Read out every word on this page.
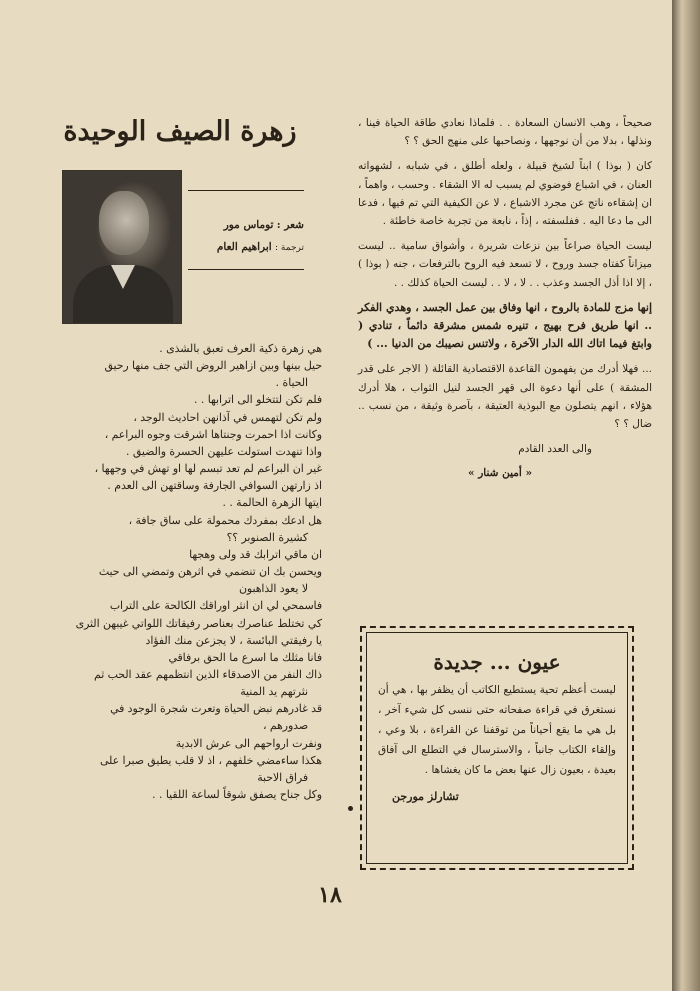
صحيحاً ، وهب الانسان السعادة . . فلماذا نعادي طاقة الحياة فينا ، ونذلها ، بدلا من أن نوجهها ، ونصاحبها على منهج الحق ؟ ؟

كان ( بوذا ) ابناً لشيخ قبيلة ، ولعله أطلق ، في شبابه ، لشهواته العنان ، في اشباع فوضوي لم يسبب له الا الشقاء . وحسب ، واهماً ، ان إشقاءه ناتج عن مجرد الاشباع ، لا عن الكيفية التي تم فيها ، فدعا الى ما دعا اليه . ففلسفته ، إذاً ، نابعة من تجربة خاصة خاطئة .

ليست الحياة صراعاً بين نزعات شريرة ، وأشواق سامية .. ليست ميزاناً كفتاه جسد وروح ، لا تسعد فيه الروح بالترفعات ، جنه ( بوذا ) ، إلا اذا أذل الجسد وعذب . . لا ، لا . . ليست الحياة كذلك . .

إنها مزج للمادة بالروح ، انها وفاق بين عمل الجسد ، وهدي الفكر .. انها طريق فرح بهيج ، تنيره شمس مشرقة دائماً ، تنادي ( وابتغ فيما اتاك الله الدار الآخرة ، ولاتنس نصيبك من الدنيا ... )

... فهلا أدرك من يفهمون القاعدة الاقتصادية القائلة ( الاجر على قدر المشقة ) على أنها دعوة الى قهر الجسد لنيل الثواب ، هلا أدرك هؤلاء ، انهم يتصلون مع البوذية العتيقة ، بآصرة وثيقة ، من نسب .. ضال ؟ ؟

والى العدد القادم

« أمين شنار »
عيون ... جديدة
ليست أعظم تحية يستطيع الكاتب أن يظفر بها ، هي أن نستغرق في قراءة صفحاته حتى ننسى كل شيء آخر ، بل هي ما يقع أحياناً من توقفنا عن القراءة ، بلا وعي ، وإلقاء الكتاب جانباً ، والاسترسال في التطلع الى آفاق بعيدة ، بعيون زال عنها بعض ما كان يغشاها .
تشارلز مورجن
زهرة الصيف الوحيدة
شعر : توماس مور
ترجمة : ابراهيم العام
هي زهرة ذكية العرف تعبق بالشذى .
حيل بينها وبين ازاهير الروض التي جف منها رحيق
الحياة .
فلم تكن لتتخلو الى اترابها . .
ولم تكن لتهمس في آذانهن احاديث الوجد ،
وكانت اذا احمرت وجنتاها اشرقت وجوه البراعم ،
واذا تنهدت استولت عليهن الحسرة والضيق .
غير ان البراعم لم تعد تبسم لها او تهش في وجهها ،
اذ زارتهن السوافي الجارفة وساقتهن الى العدم .
ايتها الزهرة الحالمة . .
هل ادعك بمفردك محمولة على ساق جافة ،
كشيرة الصنوبر ؟؟
ان ماقي اترابك قد ولى وهجها
ويحسن بك ان تنضمي في اثرهن وتمضي الى حيث
لا يعود الذاهبون
فاسمحي لي ان انثر اوراقك الكالحة على التراب
كي تختلط عناصرك بعناصر رفيقاتك اللواتي غيبهن الثرى
يا رفيقتي البائسة ، لا يجزعن منك الفؤاد
فانا مثلك ما اسرع ما الحق برفاقي
ذاك النفر من الاصدقاء الذين انتظمهم عقد الحب ثم
نثرتهم يد المنية
قد غادرهم نبض الحياة وتعرت شجرة الوجود في
صدورهم ،
ونفرت ارواحهم الى عرش الابدية
هكذا ساءمضي خلفهم ، اذ لا قلب يطيق صبرا على
فراق الاحبة
وكل جناح يصفق شوقاً لساعة اللقيا . .
١٨
